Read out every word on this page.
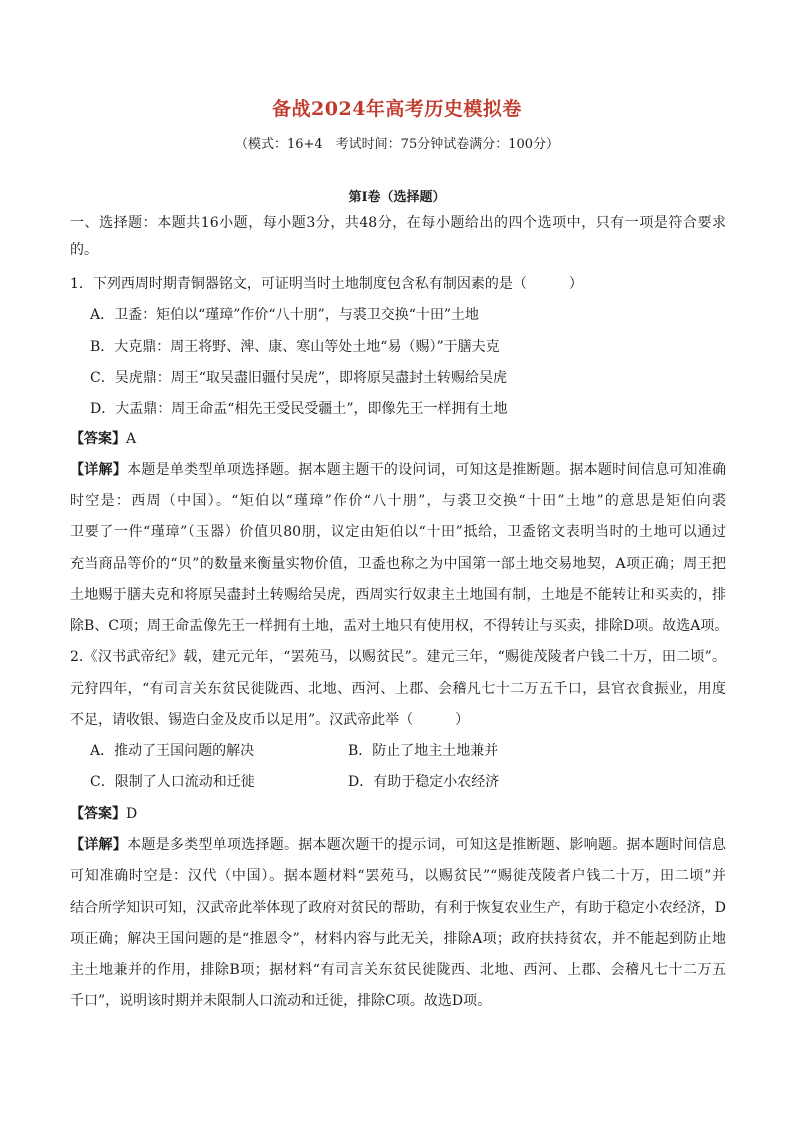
备战2024年高考历史模拟卷
（模式：16+4　考试时间：75分钟试卷满分：100分）
第I卷（选择题）
一、选择题：本题共16小题，每小题3分，共48分，在每小题给出的四个选项中，只有一项是符合要求
的。
1．下列西周时期青铜器铭文，可证明当时土地制度包含私有制因素的是（　　　）
A．卫盉：矩伯以“瑾璋”作价“八十朋”，与裘卫交换“十田”土地
B．大克鼎：周王将野、渒、康、寒山等处土地“易（赐）”于膳夫克
C．吴虎鼎：周王“取吴盡旧疆付吴虎”，即将原吴盡封土转赐给吴虎
D．大盂鼎：周王命盂“相先王受民受疆土”，即像先王一样拥有土地
【答案】A
【详解】本题是单类型单项选择题。据本题主题干的设问词，可知这是推断题。据本题时间信息可知准确
时空是：西周（中国）。“矩伯以“瑾璋”作价“八十朋”，与裘卫交换“十田”土地”的意思是矩伯向裘
卫要了一件“瑾璋”（玉器）价值贝80朋，议定由矩伯以“十田”抵给，卫盉铭文表明当时的土地可以通过
充当商品等价的“贝”的数量来衡量实物价值，卫盉也称之为中国第一部土地交易地契，A项正确；周王把
土地赐于膳夫克和将原吴盡封土转赐给吴虎，西周实行奴隶主土地国有制，土地是不能转让和买卖的，排
除B、C项；周王命盂像先王一样拥有土地，盂对土地只有使用权，不得转让与买卖，排除D项。故选A项。
2.《汉书武帝纪》载，建元元年，“罢苑马，以赐贫民”。建元三年，“赐徙茂陵者户钱二十万，田二顷”。
元狩四年，“有司言关东贫民徙陇西、北地、西河、上郡、会稽凡七十二万五千口，县官衣食振业，用度
不足，请收银、锡造白金及皮币以足用”。汉武帝此举（　　　）
A．推动了王国问题的解决	B．防止了地主土地兼并
C．限制了人口流动和迁徙	D．有助于稳定小农经济
【答案】D
【详解】本题是多类型单项选择题。据本题次题干的提示词，可知这是推断题、影响题。据本题时间信息
可知准确时空是：汉代（中国）。据本题材料“罢苑马，以赐贫民”“赐徙茂陵者户钱二十万，田二顷”并
结合所学知识可知，汉武帝此举体现了政府对贫民的帮助，有利于恢复农业生产，有助于稳定小农经济，D
项正确；解决王国问题的是“推恩令”，材料内容与此无关，排除A项；政府扶持贫农，并不能起到防止地
主土地兼并的作用，排除B项；据材料“有司言关东贫民徙陇西、北地、西河、上郡、会稽凡七十二万五
千口”，说明该时期并未限制人口流动和迁徙，排除C项。故选D项。
